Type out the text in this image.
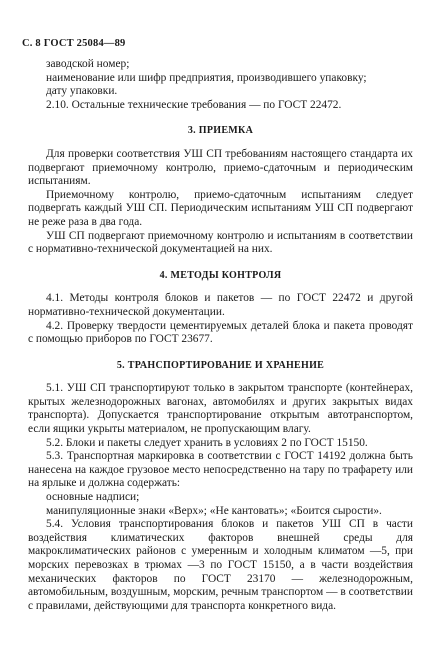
С. 8 ГОСТ 25084—89

заводской номер;

наименование или шифр предприятия, производившего упаковку;

дату упаковки.

2.10. Остальные технические требования — по ГОСТ 22472.

3. ПРИЕМКА

Для проверки соответствия УШ СП требованиям настоящего стандарта их подвергают приемочному контролю, приемо-сдаточным и периодическим испытаниям.

Приемочному контролю, приемо-сдаточным испытаниям следует подвергать каждый УШ СП. Периодическим испытаниям УШ СП подвергают не реже раза в два года.

УШ СП подвергают приемочному контролю и испытаниям в соответствии с нормативно-технической документацией на них.

4. МЕТОДЫ КОНТРОЛЯ

4.1. Методы контроля блоков и пакетов — по ГОСТ 22472 и другой нормативно-технической документации.

4.2. Проверку твердости цементируемых деталей блока и пакета проводят с помощью приборов по ГОСТ 23677.

5. ТРАНСПОРТИРОВАНИЕ И ХРАНЕНИЕ

5.1. УШ СП транспортируют только в закрытом транспорте (контейнерах, крытых железнодорожных вагонах, автомобилях и других закрытых видах транспорта). Допускается транспортирование открытым автотранспортом, если ящики укрыты материалом, не пропускающим влагу.

5.2. Блоки и пакеты следует хранить в условиях 2 по ГОСТ 15150.

5.3. Транспортная маркировка в соответствии с ГОСТ 14192 должна быть нанесена на каждое грузовое место непосредственно на тару по трафарету или на ярлыке и должна содержать:

основные надписи;

манипуляционные знаки «Верх»; «Не кантовать»; «Боится сырости».

5.4. Условия транспортирования блоков и пакетов УШ СП в части воздействия климатических факторов внешней среды для макроклиматических районов с умеренным и холодным климатом —5, при морских перевозках в трюмах —3 по ГОСТ 15150, а в части воздействия механических факторов по ГОСТ 23170 — железнодорожным, автомобильным, воздушным, морским, речным транспортом — в соответствии с правилами, действующими для транспорта конкретного вида.
